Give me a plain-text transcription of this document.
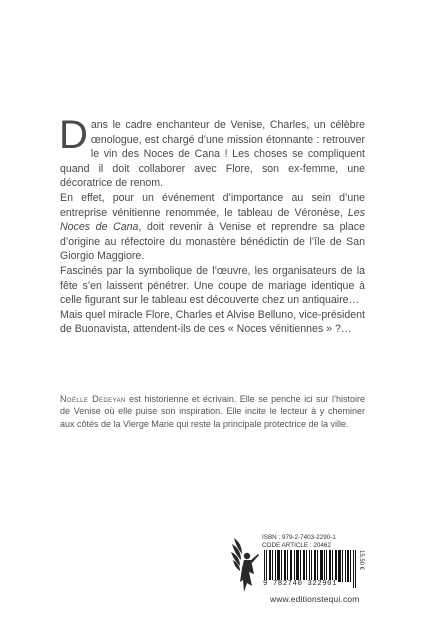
Dans le cadre enchanteur de Venise, Charles, un célèbre œnologue, est chargé d’une mission étonnante : retrouver le vin des Noces de Cana ! Les choses se compliquent quand il doit collaborer avec Flore, son ex-femme, une décoratrice de renom.

En effet, pour un événement d’importance au sein d’une entreprise vénitienne renommée, le tableau de Véronèse, Les Noces de Cana, doit revenir à Venise et reprendre sa place d’origine au réfectoire du monastère bénédictin de l’île de San Giorgio Maggiore.

Fascinés par la symbolique de l’œuvre, les organisateurs de la fête s’en laissent pénétrer. Une coupe de mariage identique à celle figurant sur le tableau est découverte chez un antiquaire…

Mais quel miracle Flore, Charles et Alvise Belluno, vice-président de Buonavista, attendent-ils de ces « Noces vénitiennes » ?…

Noëlle Dedeyan est historienne et écrivain. Elle se penche ici sur l’histoire de Venise où elle puise son inspiration. Elle incite le lecteur à y cheminer aux côtés de la Vierge Marie qui reste la principale protectrice de la ville.
ISBN : 979-2-7403-2290-1
CODE ARTICLE : 20462
9 782740 322901
15,50 €
www.editionstequi.com
